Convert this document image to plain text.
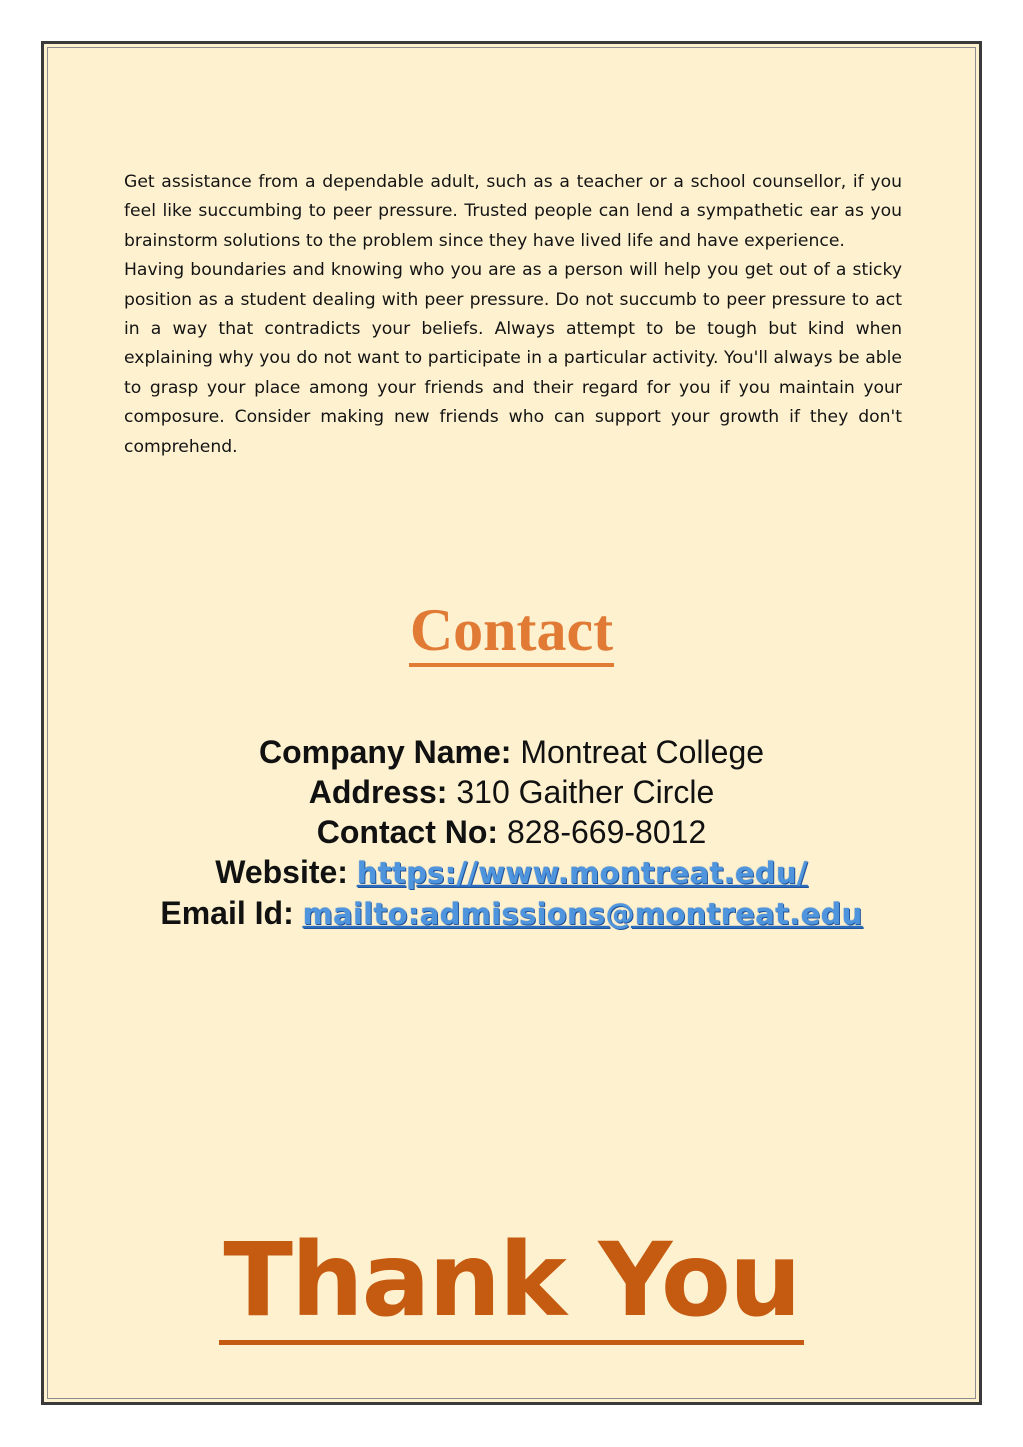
Get assistance from a dependable adult, such as a teacher or a school counsellor, if you feel like succumbing to peer pressure. Trusted people can lend a sympathetic ear as you brainstorm solutions to the problem since they have lived life and have experience.

Having boundaries and knowing who you are as a person will help you get out of a sticky position as a student dealing with peer pressure. Do not succumb to peer pressure to act in a way that contradicts your beliefs. Always attempt to be tough but kind when explaining why you do not want to participate in a particular activity. You'll always be able to grasp your place among your friends and their regard for you if you maintain your composure. Consider making new friends who can support your growth if they don't comprehend.

Contact
Company Name: Montreat College
Address: 310 Gaither Circle
Contact No: 828-669-8012
Website: https://www.montreat.edu/
Email Id: mailto:admissions@montreat.edu
Thank You
